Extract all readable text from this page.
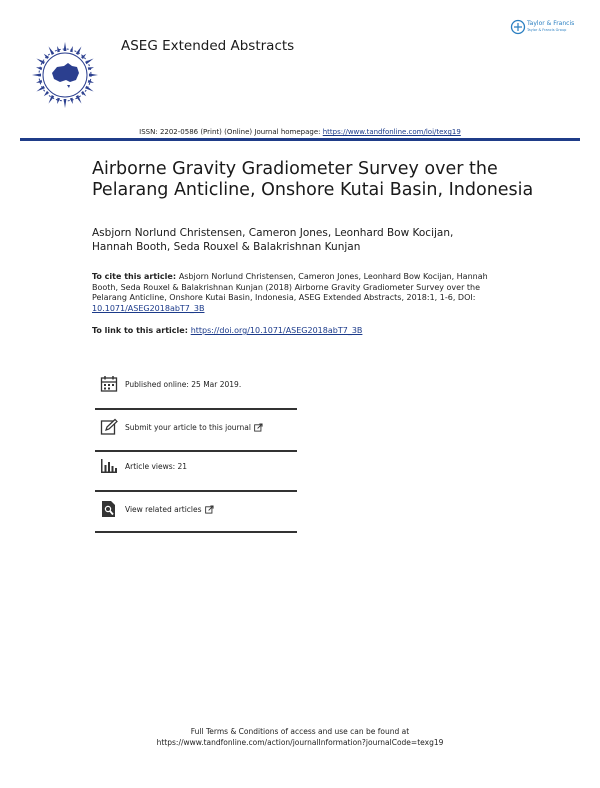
ASEG Extended Abstracts
Taylor & Francis
Taylor & Francis Group
ISSN: 2202-0586 (Print) (Online) Journal homepage: https://www.tandfonline.com/loi/texg19
Airborne Gravity Gradiometer Survey over the
Pelarang Anticline, Onshore Kutai Basin, Indonesia
Asbjorn Norlund Christensen, Cameron Jones, Leonhard Bow Kocijan,
Hannah Booth, Seda Rouxel & Balakrishnan Kunjan
To cite this article: Asbjorn Norlund Christensen, Cameron Jones, Leonhard Bow Kocijan, Hannah
Booth, Seda Rouxel & Balakrishnan Kunjan (2018) Airborne Gravity Gradiometer Survey over the
Pelarang Anticline, Onshore Kutai Basin, Indonesia, ASEG Extended Abstracts, 2018:1, 1-6, DOI:
10.1071/ASEG2018abT7_3B
To link to this article: https://doi.org/10.1071/ASEG2018abT7_3B
Published online: 25 Mar 2019.
Submit your article to this journal
Article views: 21
View related articles
Full Terms & Conditions of access and use can be found at
https://www.tandfonline.com/action/journalInformation?journalCode=texg19
